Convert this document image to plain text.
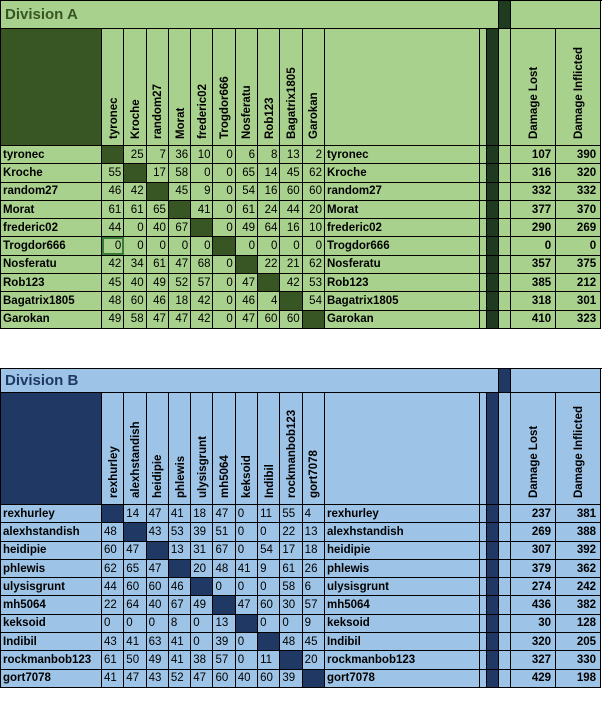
Division A																

	tyronec	Kroche	random27	Morat	frederic02	Trogdor666	Nosferatu	Rob123	Bagatrix1805	Garokan					Damage Lost	Damage Inflicted

tyronec		25	7	36	10	0	6	8	13	2	tyronec				107	390
Kroche	55		17	58	0	0	65	14	45	62	Kroche				316	320
random27	46	42		45	9	0	54	16	60	60	random27				332	332
Morat	61	61	65		41	0	61	24	44	20	Morat				377	370
frederic02	44	0	40	67		0	49	64	16	10	frederic02				290	269
Trogdor666	0	0	0	0	0		0	0	0	0	Trogdor666				0	0
Nosferatu	42	34	61	47	68	0		22	21	62	Nosferatu				357	375
Rob123	45	40	49	52	57	0	47		42	53	Rob123				385	212
Bagatrix1805	48	60	46	18	42	0	46	4		54	Bagatrix1805				318	301
Garokan	49	58	47	47	42	0	47	60	60		Garokan				410	323
Division B																

	rexhurley	alexhstandish	heidipie	phlewis	ulysisgrunt	mh5064	keksoid	Indibil	rockmanbob123	gort7078					Damage Lost	Damage Inflicted

rexhurley		14	47	41	18	47	0	11	55	4	rexhurley				237	381
alexhstandish	48		43	53	39	51	0	0	22	13	alexhstandish				269	388
heidipie	60	47		13	31	67	0	54	17	18	heidipie				307	392
phlewis	62	65	47		20	48	41	9	61	26	phlewis				379	362
ulysisgrunt	44	60	60	46		0	0	0	58	6	ulysisgrunt				274	242
mh5064	22	64	40	67	49		47	60	30	57	mh5064				436	382
keksoid	0	0	0	8	0	13		0	0	9	keksoid				30	128
Indibil	43	41	63	41	0	39	0		48	45	Indibil				320	205
rockmanbob123	61	50	49	41	38	57	0	11		20	rockmanbob123				327	330
gort7078	41	47	43	52	47	60	40	60	39		gort7078				429	198
